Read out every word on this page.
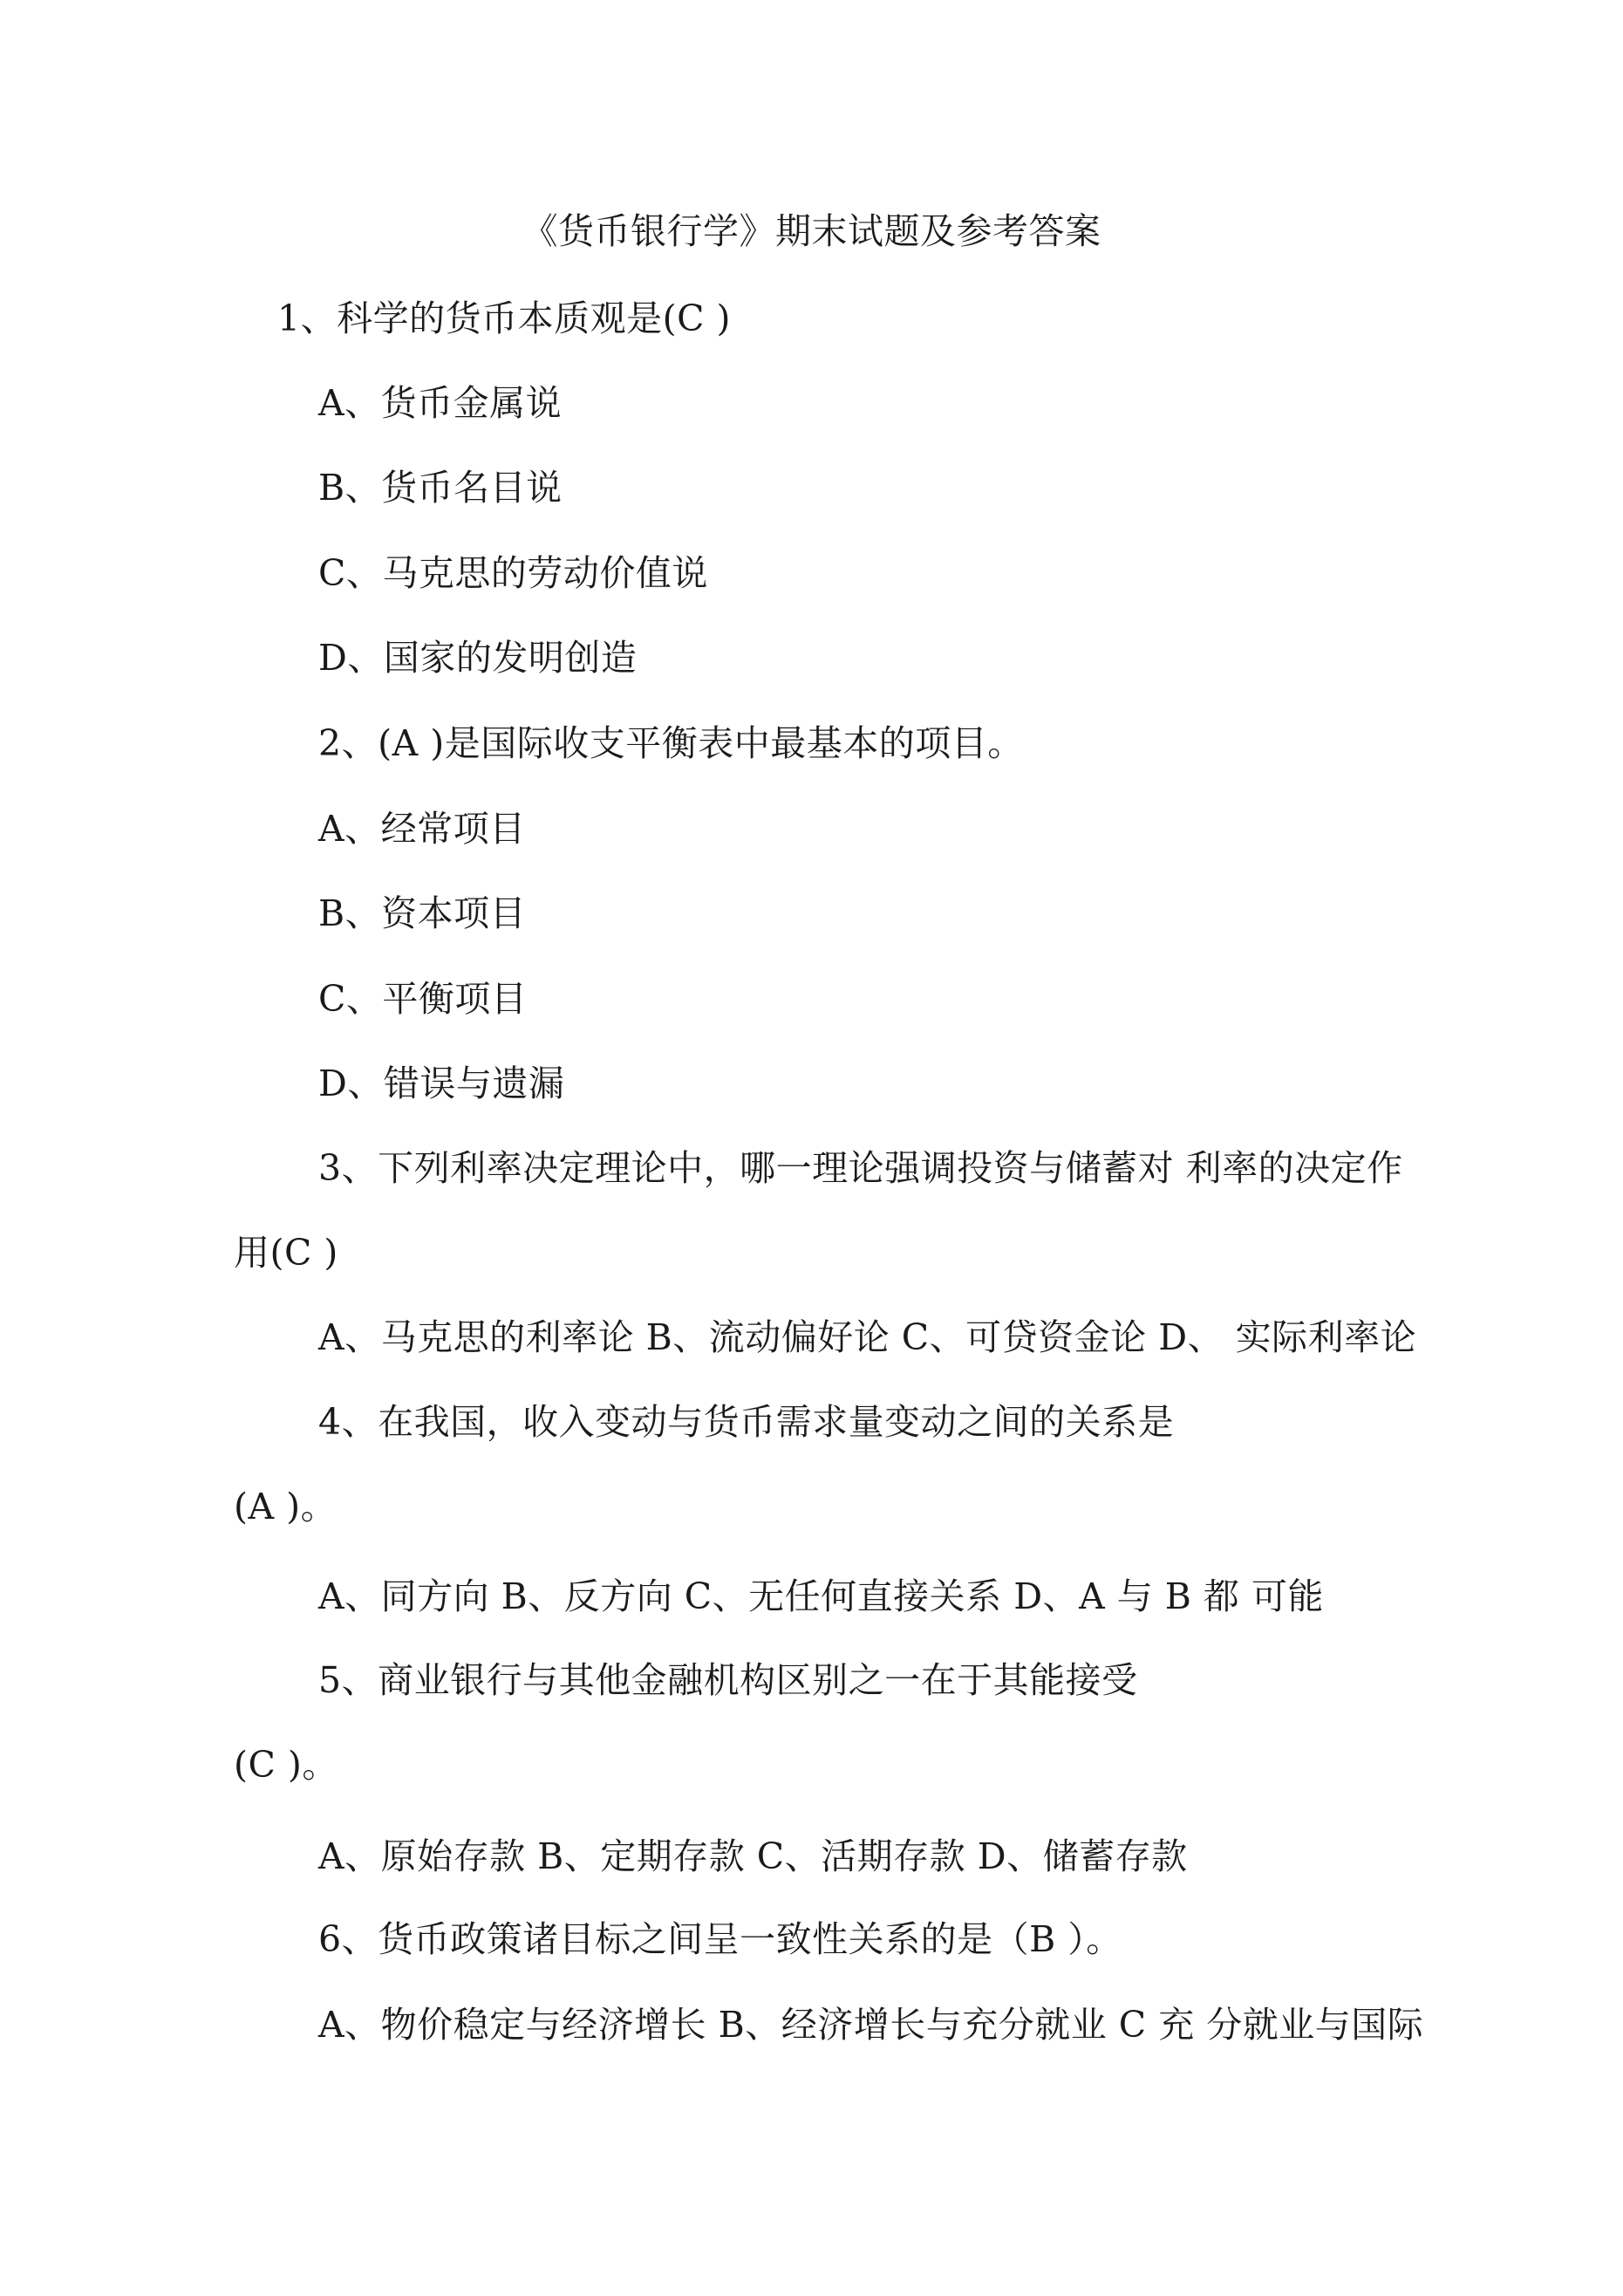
《货币银行学》期末试题及参考答案
1、科学的货币本质观是(C )
A、货币金属说
B、货币名目说
C、马克思的劳动价值说
D、国家的发明创造
2、(A )是国际收支平衡表中最基本的项目。
A、经常项目
B、资本项目
C、平衡项目
D、错误与遗漏
3、下列利率决定理论中，哪一理论强调投资与储蓄对 利率的决定作
用(C )
A、马克思的利率论 B、流动偏好论 C、可贷资金论 D、 实际利率论
4、在我国，收入变动与货币需求量变动之间的关系是
(A )。
A、同方向 B、反方向 C、无任何直接关系 D、A 与 B 都 可能
5、商业银行与其他金融机构区别之一在于其能接受
(C )。
A、原始存款 B、定期存款 C、活期存款 D、储蓄存款
6、货币政策诸目标之间呈一致性关系的是（B ）。
A、物价稳定与经济增长 B、经济增长与充分就业 C 充 分就业与国际
